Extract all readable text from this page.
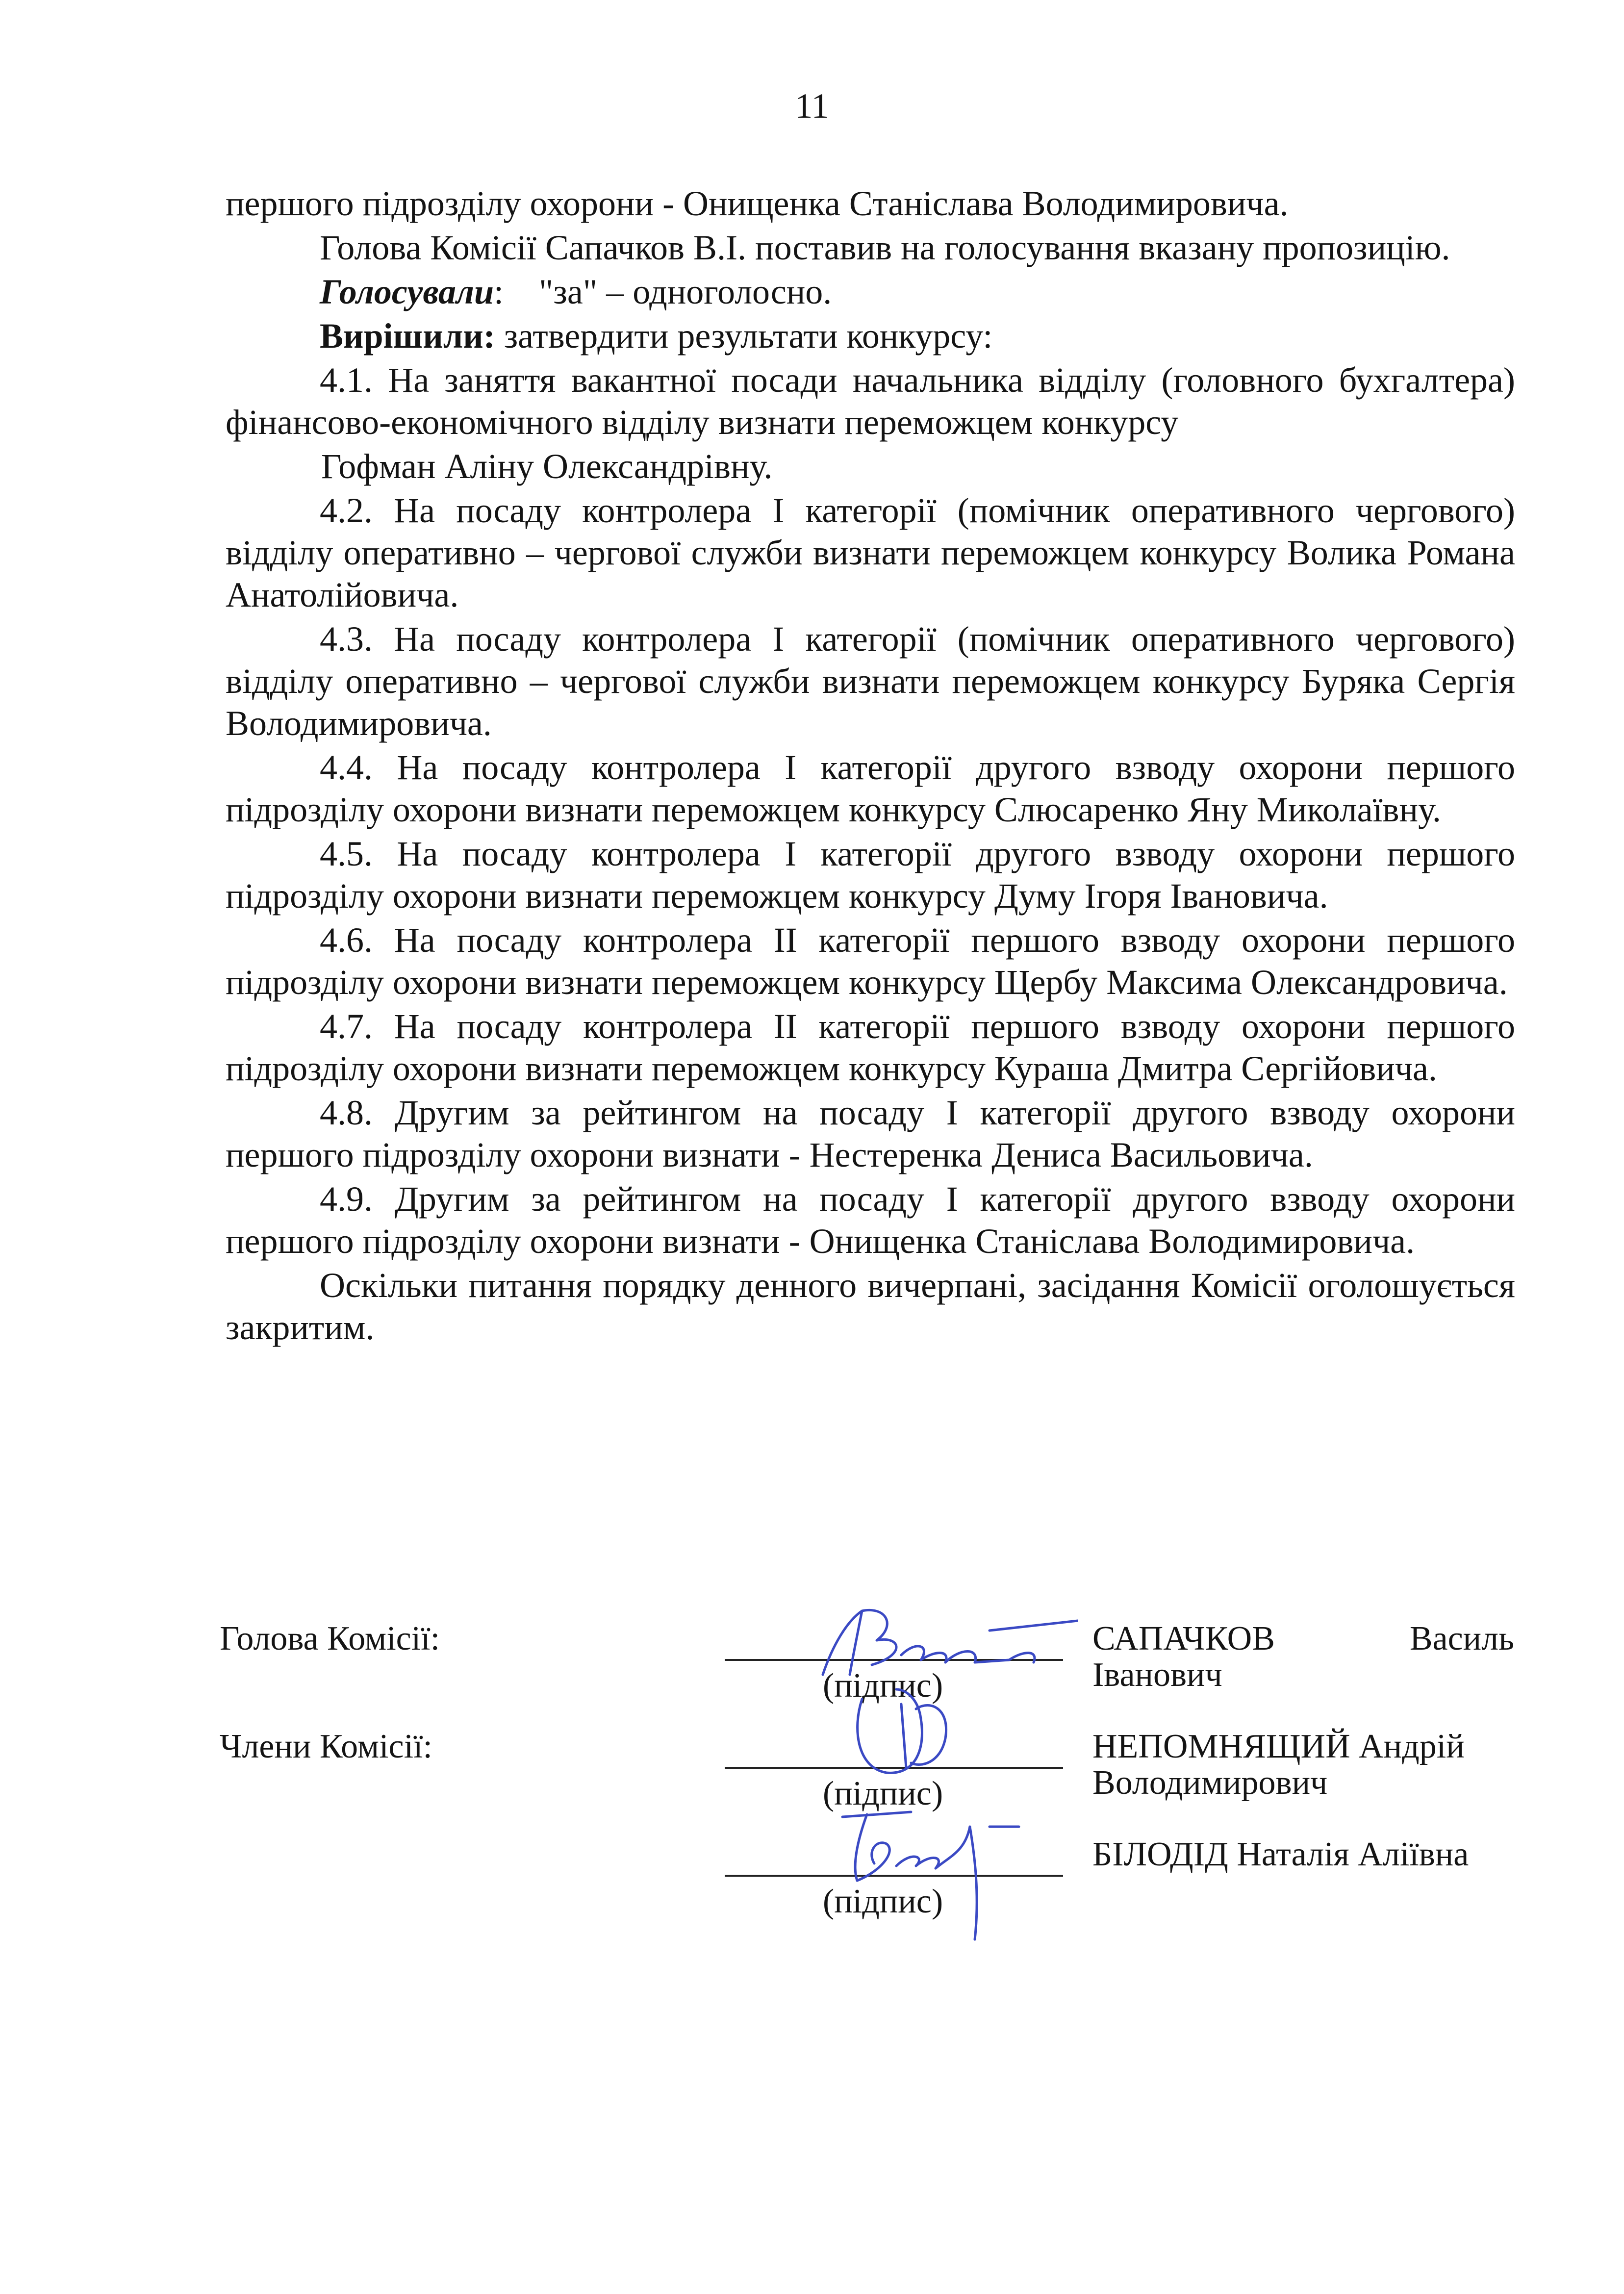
11

першого підрозділу охорони - Онищенка Станіслава Володимировича.

Голова Комісії Сапачков В.І. поставив на голосування вказану пропозицію.

Голосували: "за" – одноголосно.

Вирішили: затвердити результати конкурсу:

4.1. На заняття вакантної посади начальника відділу (головного бухгалтера) фінансово-економічного відділу визнати переможцем конкурсу

Гофман Аліну Олександрівну.

4.2. На посаду контролера І категорії (помічник оперативного чергового) відділу оперативно – чергової служби визнати переможцем конкурсу Волика Романа Анатолійовича.

4.3. На посаду контролера І категорії (помічник оперативного чергового) відділу оперативно – чергової служби визнати переможцем конкурсу Буряка Сергія Володимировича.

4.4. На посаду контролера І категорії другого взводу охорони першого підрозділу охорони визнати переможцем конкурсу Слюсаренко Яну Миколаївну.

4.5. На посаду контролера І категорії другого взводу охорони першого підрозділу охорони визнати переможцем конкурсу Думу Ігоря Івановича.

4.6. На посаду контролера ІІ категорії першого взводу охорони першого підрозділу охорони визнати переможцем конкурсу Щербу Максима Олександровича.

4.7. На посаду контролера ІІ категорії першого взводу охорони першого підрозділу охорони визнати переможцем конкурсу Кураша Дмитра Сергійовича.

4.8. Другим за рейтингом на посаду І категорії другого взводу охорони першого підрозділу охорони визнати - Нестеренка Дениса Васильовича.

4.9. Другим за рейтингом на посаду І категорії другого взводу охорони першого підрозділу охорони визнати - Онищенка Станіслава Володимировича.

Оскільки питання порядку денного вичерпані, засідання Комісії оголошується закритим.

Голова Комісії:
(підпис)
САПАЧКОВ	Василь
Іванович
Члени Комісії:
(підпис)
НЕПОМНЯЩИЙ Андрій Володимирович
(підпис)
БІЛОДІД Наталія Аліївна
